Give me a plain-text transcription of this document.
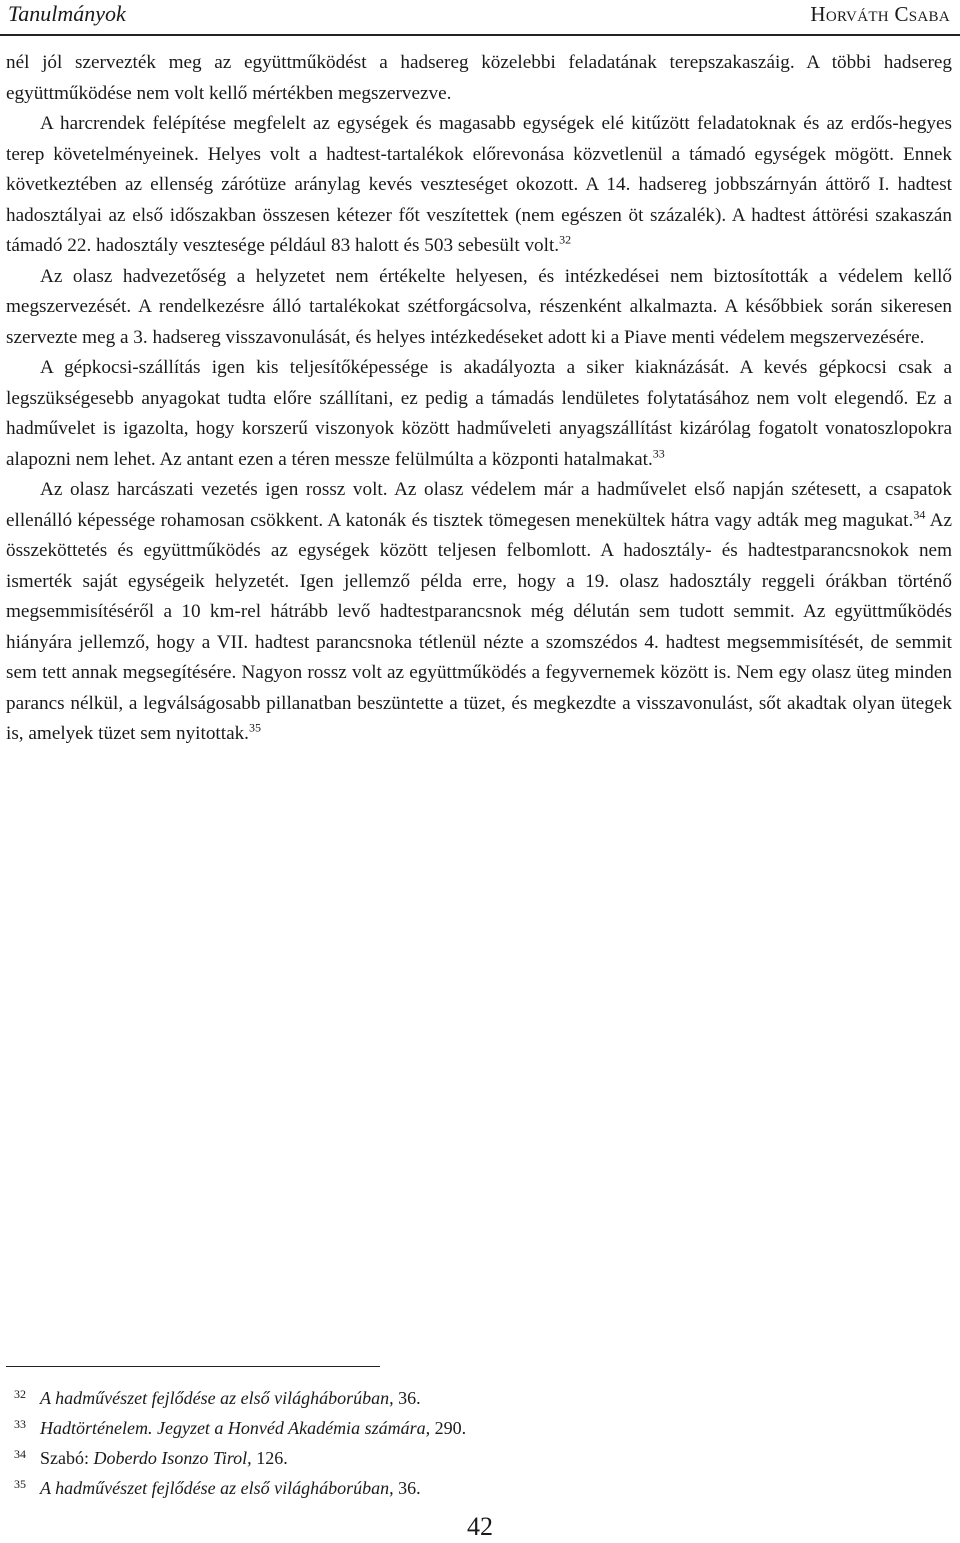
Tanulmányok	Horváth Csaba

nél jól szervezték meg az együttműködést a hadsereg közelebbi feladatának terepszakaszáig. A többi hadsereg együttműködése nem volt kellő mértékben megszervezve.

A harcrendek felépítése megfelelt az egységek és magasabb egységek elé kitűzött feladatoknak és az erdős-hegyes terep követelményeinek. Helyes volt a hadtest-tartalékok előrevonása közvetlenül a támadó egységek mögött. Ennek következtében az ellenség zárótüze aránylag kevés veszteséget okozott. A 14. hadsereg jobbszárnyán áttörő I. hadtest hadosztályai az első időszakban összesen kétezer főt veszítettek (nem egészen öt százalék). A hadtest áttörési szakaszán támadó 22. hadosztály vesztesége például 83 halott és 503 sebesült volt.$^{32}$

Az olasz hadvezetőség a helyzetet nem értékelte helyesen, és intézkedései nem biztosították a védelem kellő megszervezését. A rendelkezésre álló tartalékokat szétforgácsolva, részenként alkalmazta. A későbbiek során sikeresen szervezte meg a 3. hadsereg visszavonulását, és helyes intézkedéseket adott ki a Piave menti védelem megszervezésére.

A gépkocsi-szállítás igen kis teljesítőképessége is akadályozta a siker kiaknázását. A kevés gépkocsi csak a legszükségesebb anyagokat tudta előre szállítani, ez pedig a támadás lendületes folytatásához nem volt elegendő. Ez a hadművelet is igazolta, hogy korszerű viszonyok között hadműveleti anyagszállítást kizárólag fogatolt vonatoszlopokra alapozni nem lehet. Az antant ezen a téren messze felülmúlta a központi hatalmakat.$^{33}$

Az olasz harcászati vezetés igen rossz volt. Az olasz védelem már a hadművelet első napján szétesett, a csapatok ellenálló képessége rohamosan csökkent. A katonák és tisztek tömegesen menekültek hátra vagy adták meg magukat.$^{34}$ Az összeköttetés és együttműködés az egységek között teljesen felbomlott. A hadosztály- és hadtestparancsnokok nem ismerték saját egységeik helyzetét. Igen jellemző példa erre, hogy a 19. olasz hadosztály reggeli órákban történő megsemmisítéséről a 10 km-rel hátrább levő hadtestparancsnok még délután sem tudott semmit. Az együttműködés hiányára jellemző, hogy a VII. hadtest parancsnoka tétlenül nézte a szomszédos 4. hadtest megsemmisítését, de semmit sem tett annak megsegítésére. Nagyon rossz volt az együttműködés a fegyvernemek között is. Nem egy olasz üteg minden parancs nélkül, a legválságosabb pillanatban beszüntette a tüzet, és megkezdte a visszavonulást, sőt akadtak olyan ütegek is, amelyek tüzet sem nyitottak.$^{35}$

32 A hadművészet fejlődése az első világháborúban, 36.
33 Hadtörténelem. Jegyzet a Honvéd Akadémia számára, 290.
34 Szabó: Doberdo Isonzo Tirol, 126.
35 A hadművészet fejlődése az első világháborúban, 36.
42
